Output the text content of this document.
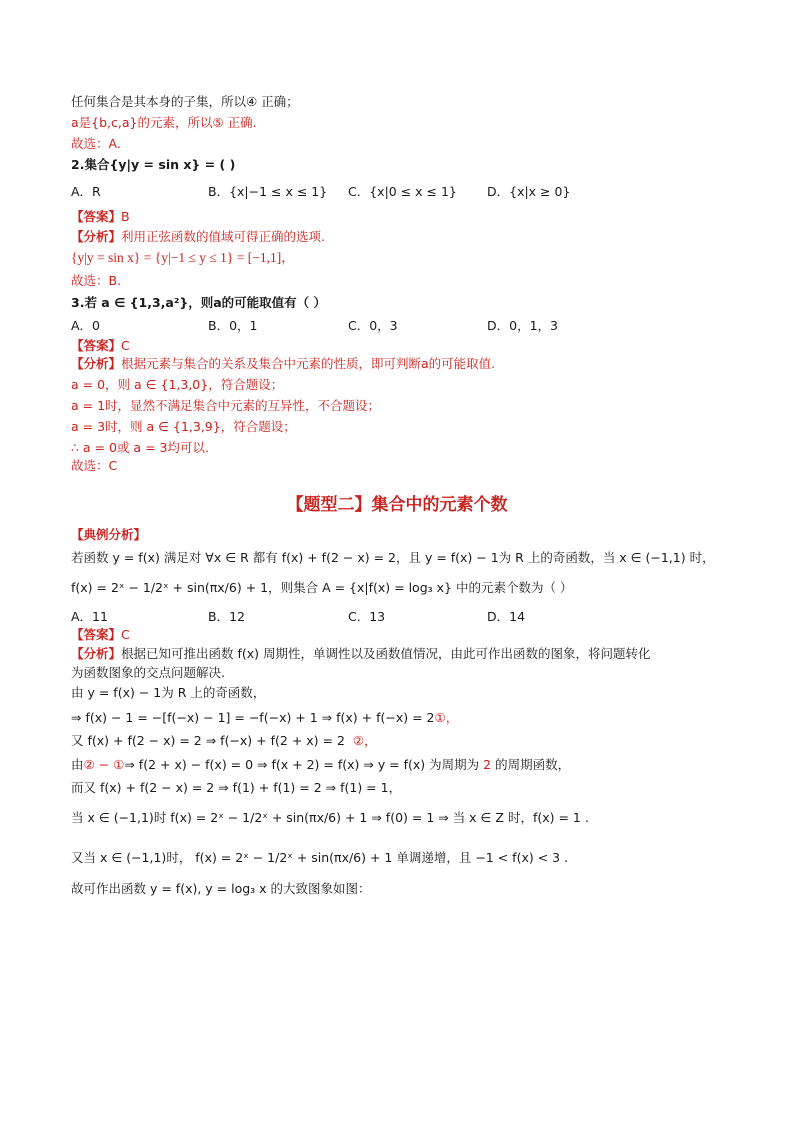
任何集合是其本身的子集，所以④ 正确；
a是{b,c,a}的元素，所以⑤ 正确.
故选：A.
2.集合{y|y = sin x} = ( )
A．R	B．{x|−1 ≤ x ≤ 1} C．{x|0 ≤ x ≤ 1} D．{x|x ≥ 0}
【答案】B
【分析】利用正弦函数的值域可得正确的选项.
{y|y = sin x} = {y|−1 ≤ y ≤ 1} = [−1,1]，
故选：B.
3.若 a ∈ {1,3,a²}，则a的可能取值有（ ）
A．0	B．0，1	C．0，3	D．0，1，3
【答案】C
【分析】根据元素与集合的关系及集合中元素的性质，即可判断a的可能取值.
a = 0，则 a ∈ {1,3,0}，符合题设；
a = 1时，显然不满足集合中元素的互异性，不合题设；
a = 3时，则 a ∈ {1,3,9}，符合题设；
∴ a = 0或 a = 3均可以.
故选：C
【题型二】集合中的元素个数
【典例分析】
若函数 y = f(x) 满足对 ∀x ∈ R 都有 f(x) + f(2 − x) = 2，且 y = f(x) − 1为 R 上的奇函数，当 x ∈ (−1,1) 时，
f(x) = 2ˣ − 1/2ˣ + sin(πx/6) + 1，则集合 A = {x|f(x) = log₃ x} 中的元素个数为（ ）
A．11	B．12	C．13	D．14
【答案】C
【分析】根据已知可推出函数 f(x) 周期性，单调性以及函数值情况，由此可作出函数的图象，将问题转化
为函数图象的交点问题解决.
由 y = f(x) − 1为 R 上的奇函数，
⇒ f(x) − 1 = −[f(−x) − 1] = −f(−x) + 1 ⇒ f(x) + f(−x) = 2①，
又 f(x) + f(2 − x) = 2 ⇒ f(−x) + f(2 + x) = 2 ②，
由② − ①⇒ f(2 + x) − f(x) = 0 ⇒ f(x + 2) = f(x) ⇒ y = f(x) 为周期为 2 的周期函数，
而又 f(x) + f(2 − x) = 2 ⇒ f(1) + f(1) = 2 ⇒ f(1) = 1，
当 x ∈ (−1,1)时 f(x) = 2ˣ − 1/2ˣ + sin(πx/6) + 1 ⇒ f(0) = 1 ⇒ 当 x ∈ Z 时，f(x) = 1 .
又当 x ∈ (−1,1)时， f(x) = 2ˣ − 1/2ˣ + sin(πx/6) + 1 单调递增，且 −1 < f(x) < 3 .
故可作出函数 y = f(x), y = log₃ x 的大致图象如图：
